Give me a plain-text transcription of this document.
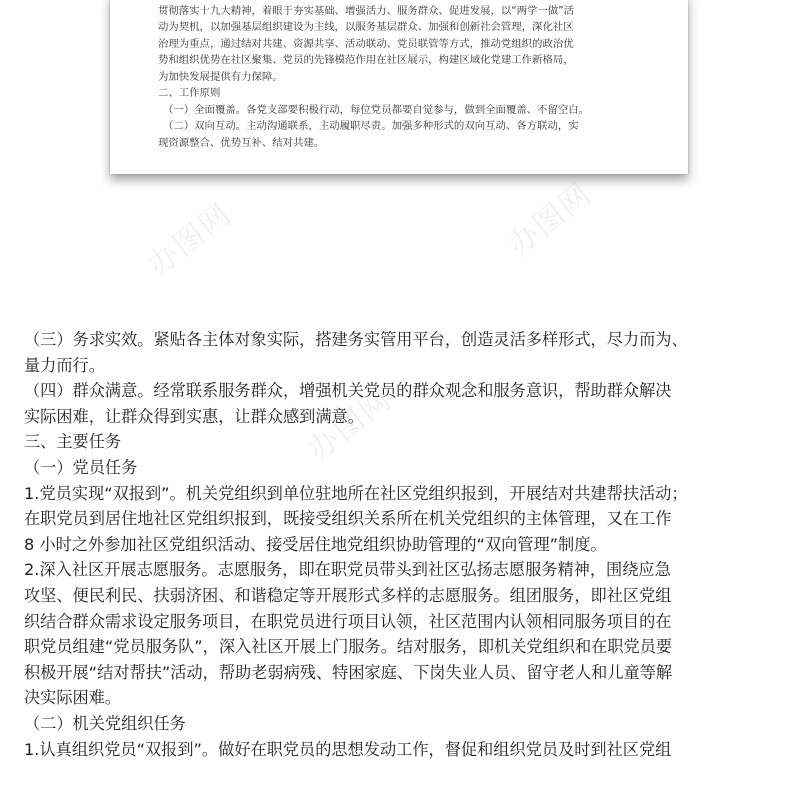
贯彻落实十九大精神，着眼于夯实基础、增强活力、服务群众、促进发展，以“两学一做”活

动为契机，以加强基层组织建设为主线，以服务基层群众、加强和创新社会管理，深化社区

治理为重点，通过结对共建、资源共享、活动联动、党员联管等方式，推动党组织的政治优

势和组织优势在社区聚集、党员的先锋模范作用在社区展示，构建区域化党建工作新格局，

为加快发展提供有力保障。

二、工作原则

（一）全面覆盖。各党支部要积极行动，每位党员都要自觉参与，做到全面覆盖、不留空白。

（二）双向互动。主动沟通联系，主动履职尽责。加强多种形式的双向互动、各方联动，实

现资源整合、优势互补、结对共建。

办图网	办图网
办图网

（三）务求实效。紧贴各主体对象实际，搭建务实管用平台，创造灵活多样形式，尽力而为、

量力而行。

（四）群众满意。经常联系服务群众，增强机关党员的群众观念和服务意识，帮助群众解决

实际困难，让群众得到实惠，让群众感到满意。

三、主要任务

（一）党员任务

1.党员实现“双报到”。机关党组织到单位驻地所在社区党组织报到，开展结对共建帮扶活动；

在职党员到居住地社区党组织报到，既接受组织关系所在机关党组织的主体管理，又在工作

8 小时之外参加社区党组织活动、接受居住地党组织协助管理的“双向管理”制度。

2.深入社区开展志愿服务。志愿服务，即在职党员带头到社区弘扬志愿服务精神，围绕应急

攻坚、便民利民、扶弱济困、和谐稳定等开展形式多样的志愿服务。组团服务，即社区党组

织结合群众需求设定服务项目，在职党员进行项目认领，社区范围内认领相同服务项目的在

职党员组建“党员服务队”，深入社区开展上门服务。结对服务，即机关党组织和在职党员要

积极开展“结对帮扶”活动，帮助老弱病残、特困家庭、下岗失业人员、留守老人和儿童等解

决实际困难。

（二）机关党组织任务

1.认真组织党员“双报到”。做好在职党员的思想发动工作，督促和组织党员及时到社区党组
